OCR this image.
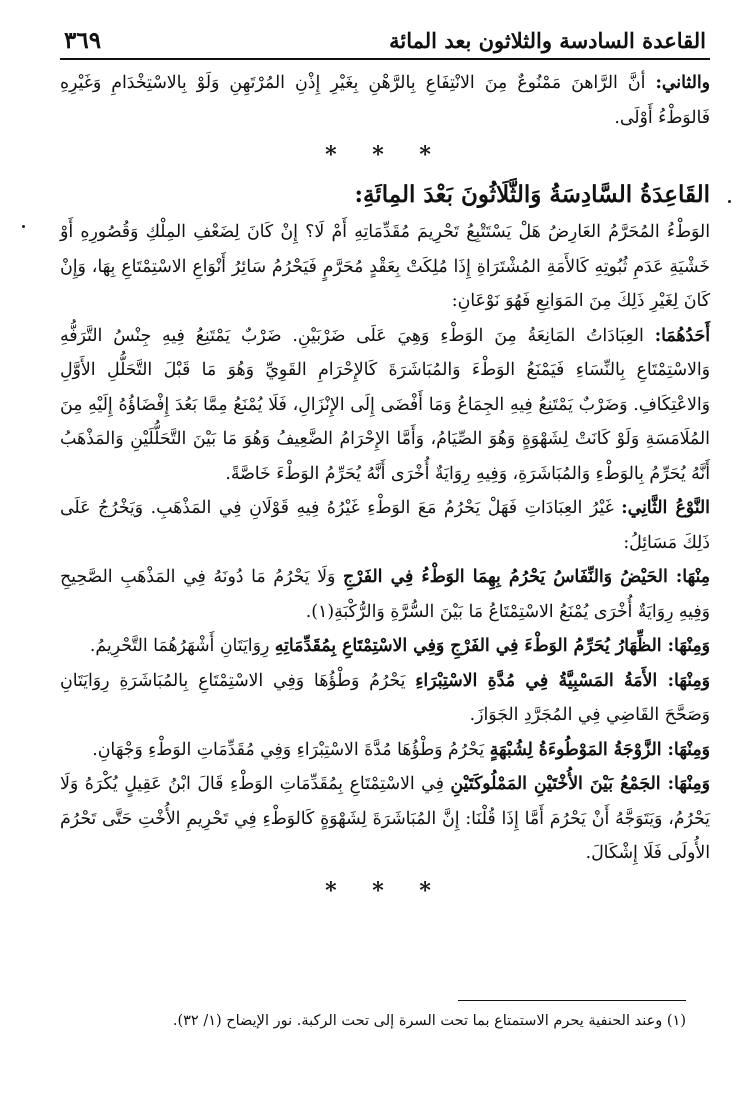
القاعدة السادسة والثلاثون بعد المائة
٣٦٩

والثاني: أنَّ الرَّاهنَ مَمْنُوعٌ مِنَ الانْتِفَاعِ بِالرَّهْنِ بِغَيْرِ إِذْنِ المُرْتَهِنِ وَلَوْ بِالاسْتِخْدَامِ وَغَيْرِهِ فَالوَطْءُ أَوْلَى.

* * *
القَاعِدَةُ السَّادِسَةُ وَالثَّلَاثُونَ بَعْدَ المِائَةِ:

الوَطْءُ المُحَرَّمُ العَارِضُ هَلْ يَسْتَتْبِعُ تَحْرِيمَ مُقَدِّمَاتِهِ أَمْ لَا؟ إِنْ كَانَ لِضَعْفِ المِلْكِ وَقُصُورِهِ أَوْ خَشْيَةِ عَدَمِ ثُبُوتِهِ كَالأَمَةِ المُشْتَرَاةِ إِذَا مُلِكَتْ بِعَقْدٍ مُحَرَّمٍ فَيَحْرُمُ سَائِرُ أَنْوَاعِ الاسْتِمْتَاعِ بِهَا، وَإِنْ كَانَ لِغَيْرِ ذَلِكَ مِنَ المَوَانِعِ فَهُوَ نَوْعَانِ:

أَحَدُهُمَا: العِبَادَاتُ المَانِعَةُ مِنَ الوَطْءِ وَهِيَ عَلَى ضَرْبَيْنِ. ضَرْبٌ يَمْتَنِعُ فِيهِ جِنْسُ التَّرَفُّهِ وَالاسْتِمْتَاعِ بِالنِّسَاءِ فَيَمْنَعُ الوَطْءَ وَالمُبَاشَرَةَ كَالإِحْرَامِ القَوِيِّ وَهُوَ مَا قَبْلَ التَّحَلُّلِ الأَوَّلِ وَالاعْتِكَافِ. وَضَرْبٌ يَمْتَنِعُ فِيهِ الجِمَاعُ وَمَا أَفْضَى إِلَى الإِنْزَالِ، فَلَا يُمْنَعُ مِمَّا بَعُدَ إِفْضَاؤُهُ إِلَيْهِ مِنَ المُلَامَسَةِ وَلَوْ كَانَتْ لِشَهْوَةٍ وَهُوَ الصِّيَامُ، وَأَمَّا الإِحْرَامُ الضَّعِيفُ وَهُوَ مَا بَيْنَ التَّحَلُّلَيْنِ وَالمَذْهَبُ أَنَّهُ يُحَرِّمُ بِالوَطْءِ وَالمُبَاشَرَةِ، وَفِيهِ رِوَايَةٌ أُخْرَى أَنَّهُ يُحَرِّمُ الوَطْءَ خَاصَّةً.

النَّوْعُ الثَّانِي: غَيْرُ العِبَادَاتِ فَهَلْ يَحْرُمُ مَعَ الوَطْءِ غَيْرُهُ فِيهِ قَوْلَانِ فِي المَذْهَبِ. وَيَخْرُجُ عَلَى ذَلِكَ مَسَائِلُ:

مِنْهَا: الحَيْضُ وَالنِّفَاسُ يَحْرُمُ بِهِمَا الوَطْءُ فِي الفَرْجِ وَلَا يَحْرُمُ مَا دُونَهُ فِي المَذْهَبِ الصَّحِيحِ وَفِيهِ رِوَايَةٌ أُخْرَى يُمْنَعُ الاسْتِمْتَاعُ مَا بَيْنَ السُّرَّةِ وَالرُّكْبَةِ(١).

وَمِنْهَا: الظِّهَارُ يُحَرِّمُ الوَطْءَ فِي الفَرْجِ وَفِي الاسْتِمْتَاعِ بِمُقَدِّمَاتِهِ رِوَايَتَانِ أَشْهَرُهُمَا التَّحْرِيمُ.

وَمِنْهَا: الأَمَةُ المَسْبِيَّةُ فِي مُدَّةِ الاسْتِبْرَاءِ يَحْرُمُ وَطْؤُهَا وَفِي الاسْتِمْتَاعِ بِالمُبَاشَرَةِ رِوَايَتَانِ وَصَحَّحَ القَاضِي فِي المُجَرَّدِ الجَوَازَ.

وَمِنْهَا: الزَّوْجَةُ المَوْطُوءَةُ لِشُبْهَةٍ يَحْرُمُ وَطْؤُهَا مُدَّةَ الاسْتِبْرَاءِ وَفِي مُقَدِّمَاتِ الوَطْءِ وَجْهَانِ.

وَمِنْهَا: الجَمْعُ بَيْنَ الأُخْتَيْنِ المَمْلُوكَتَيْنِ فِي الاسْتِمْتَاعِ بِمُقَدِّمَاتِ الوَطْءِ قَالَ ابْنُ عَقِيلٍ يُكْرَهُ وَلَا يَحْرُمُ، وَيَتَوَجَّهُ أَنْ يَحْرُمَ أَمَّا إِذَا قُلْنَا: إِنَّ المُبَاشَرَةَ لِشَهْوَةٍ كَالوَطْءِ فِي تَحْرِيمِ الأُخْتِ حَتَّى تَحْرُمَ الأُولَى فَلَا إِشْكَالَ.

* * *
(١) وعند الحنفية يحرم الاستمتاع بما تحت السرة إلى تحت الركبة. نور الإيضاح (١/ ٣٢).
